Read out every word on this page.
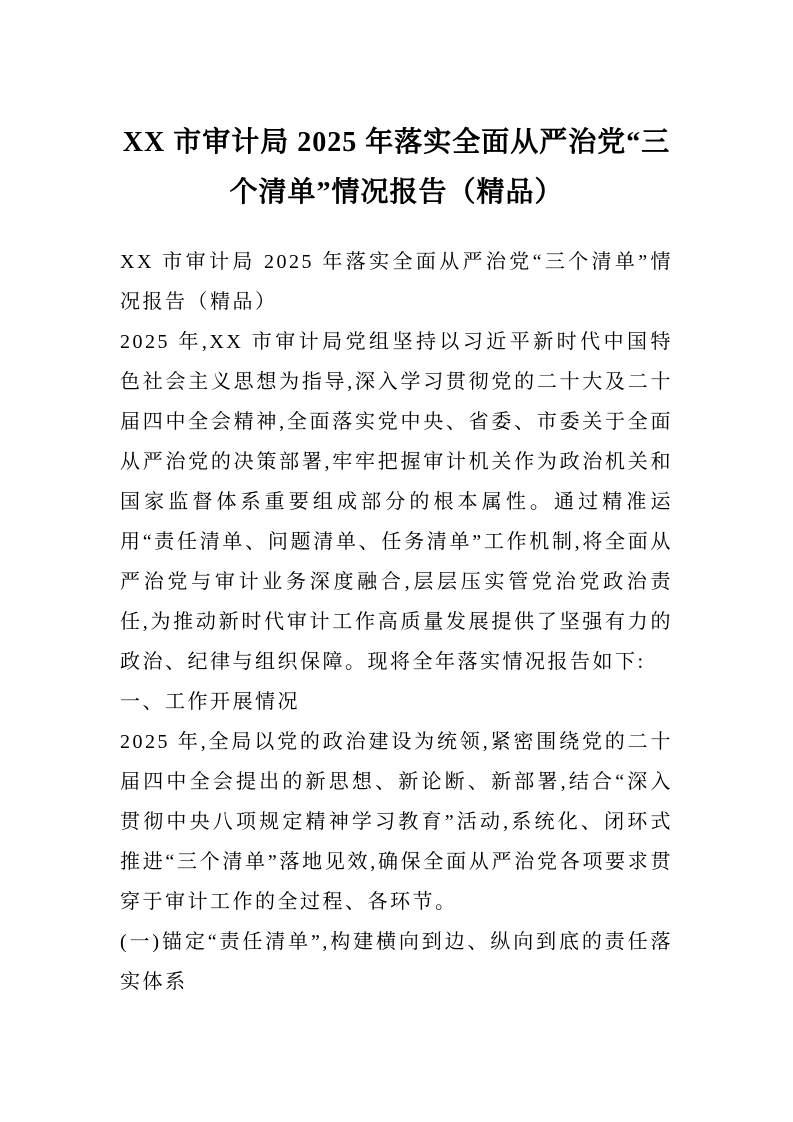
XX 市审计局 2025 年落实全面从严治党“三个清单”情况报告（精品）

XX 市审计局 2025 年落实全面从严治党“三个清单”情况报告（精品）

2025 年,XX 市审计局党组坚持以习近平新时代中国特色社会主义思想为指导,深入学习贯彻党的二十大及二十届四中全会精神,全面落实党中央、省委、市委关于全面从严治党的决策部署,牢牢把握审计机关作为政治机关和国家监督体系重要组成部分的根本属性。通过精准运用“责任清单、问题清单、任务清单”工作机制,将全面从严治党与审计业务深度融合,层层压实管党治党政治责任,为推动新时代审计工作高质量发展提供了坚强有力的政治、纪律与组织保障。现将全年落实情况报告如下:

一、工作开展情况

2025 年,全局以党的政治建设为统领,紧密围绕党的二十届四中全会提出的新思想、新论断、新部署,结合“深入贯彻中央八项规定精神学习教育”活动,系统化、闭环式推进“三个清单”落地见效,确保全面从严治党各项要求贯穿于审计工作的全过程、各环节。

(一)锚定“责任清单”,构建横向到边、纵向到底的责任落实体系
